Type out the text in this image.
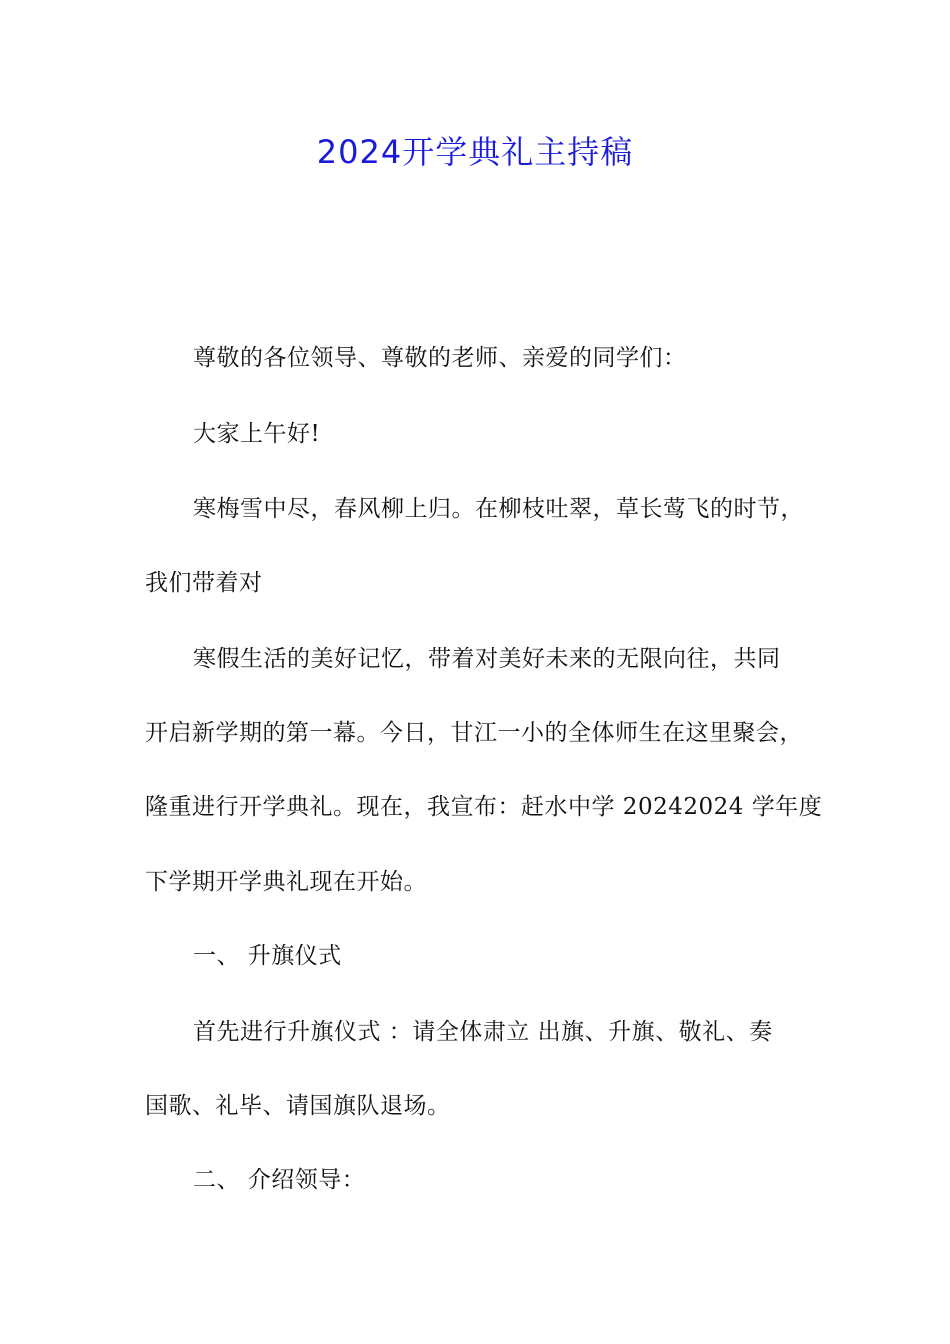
2024开学典礼主持稿
尊敬的各位领导、尊敬的老师、亲爱的同学们：
大家上午好!
寒梅雪中尽，春风柳上归。在柳枝吐翠，草长莺飞的时节，
我们带着对
寒假生活的美好记忆，带着对美好未来的无限向往，共同
开启新学期的第一幕。今日，甘江一小的全体师生在这里聚会，
隆重进行开学典礼。现在，我宣布：赶水中学 20242024 学年度
下学期开学典礼现在开始。
一、 升旗仪式
首先进行升旗仪式 ：请全体肃立 出旗、升旗、敬礼、奏
国歌、礼毕、请国旗队退场。
二、 介绍领导：
